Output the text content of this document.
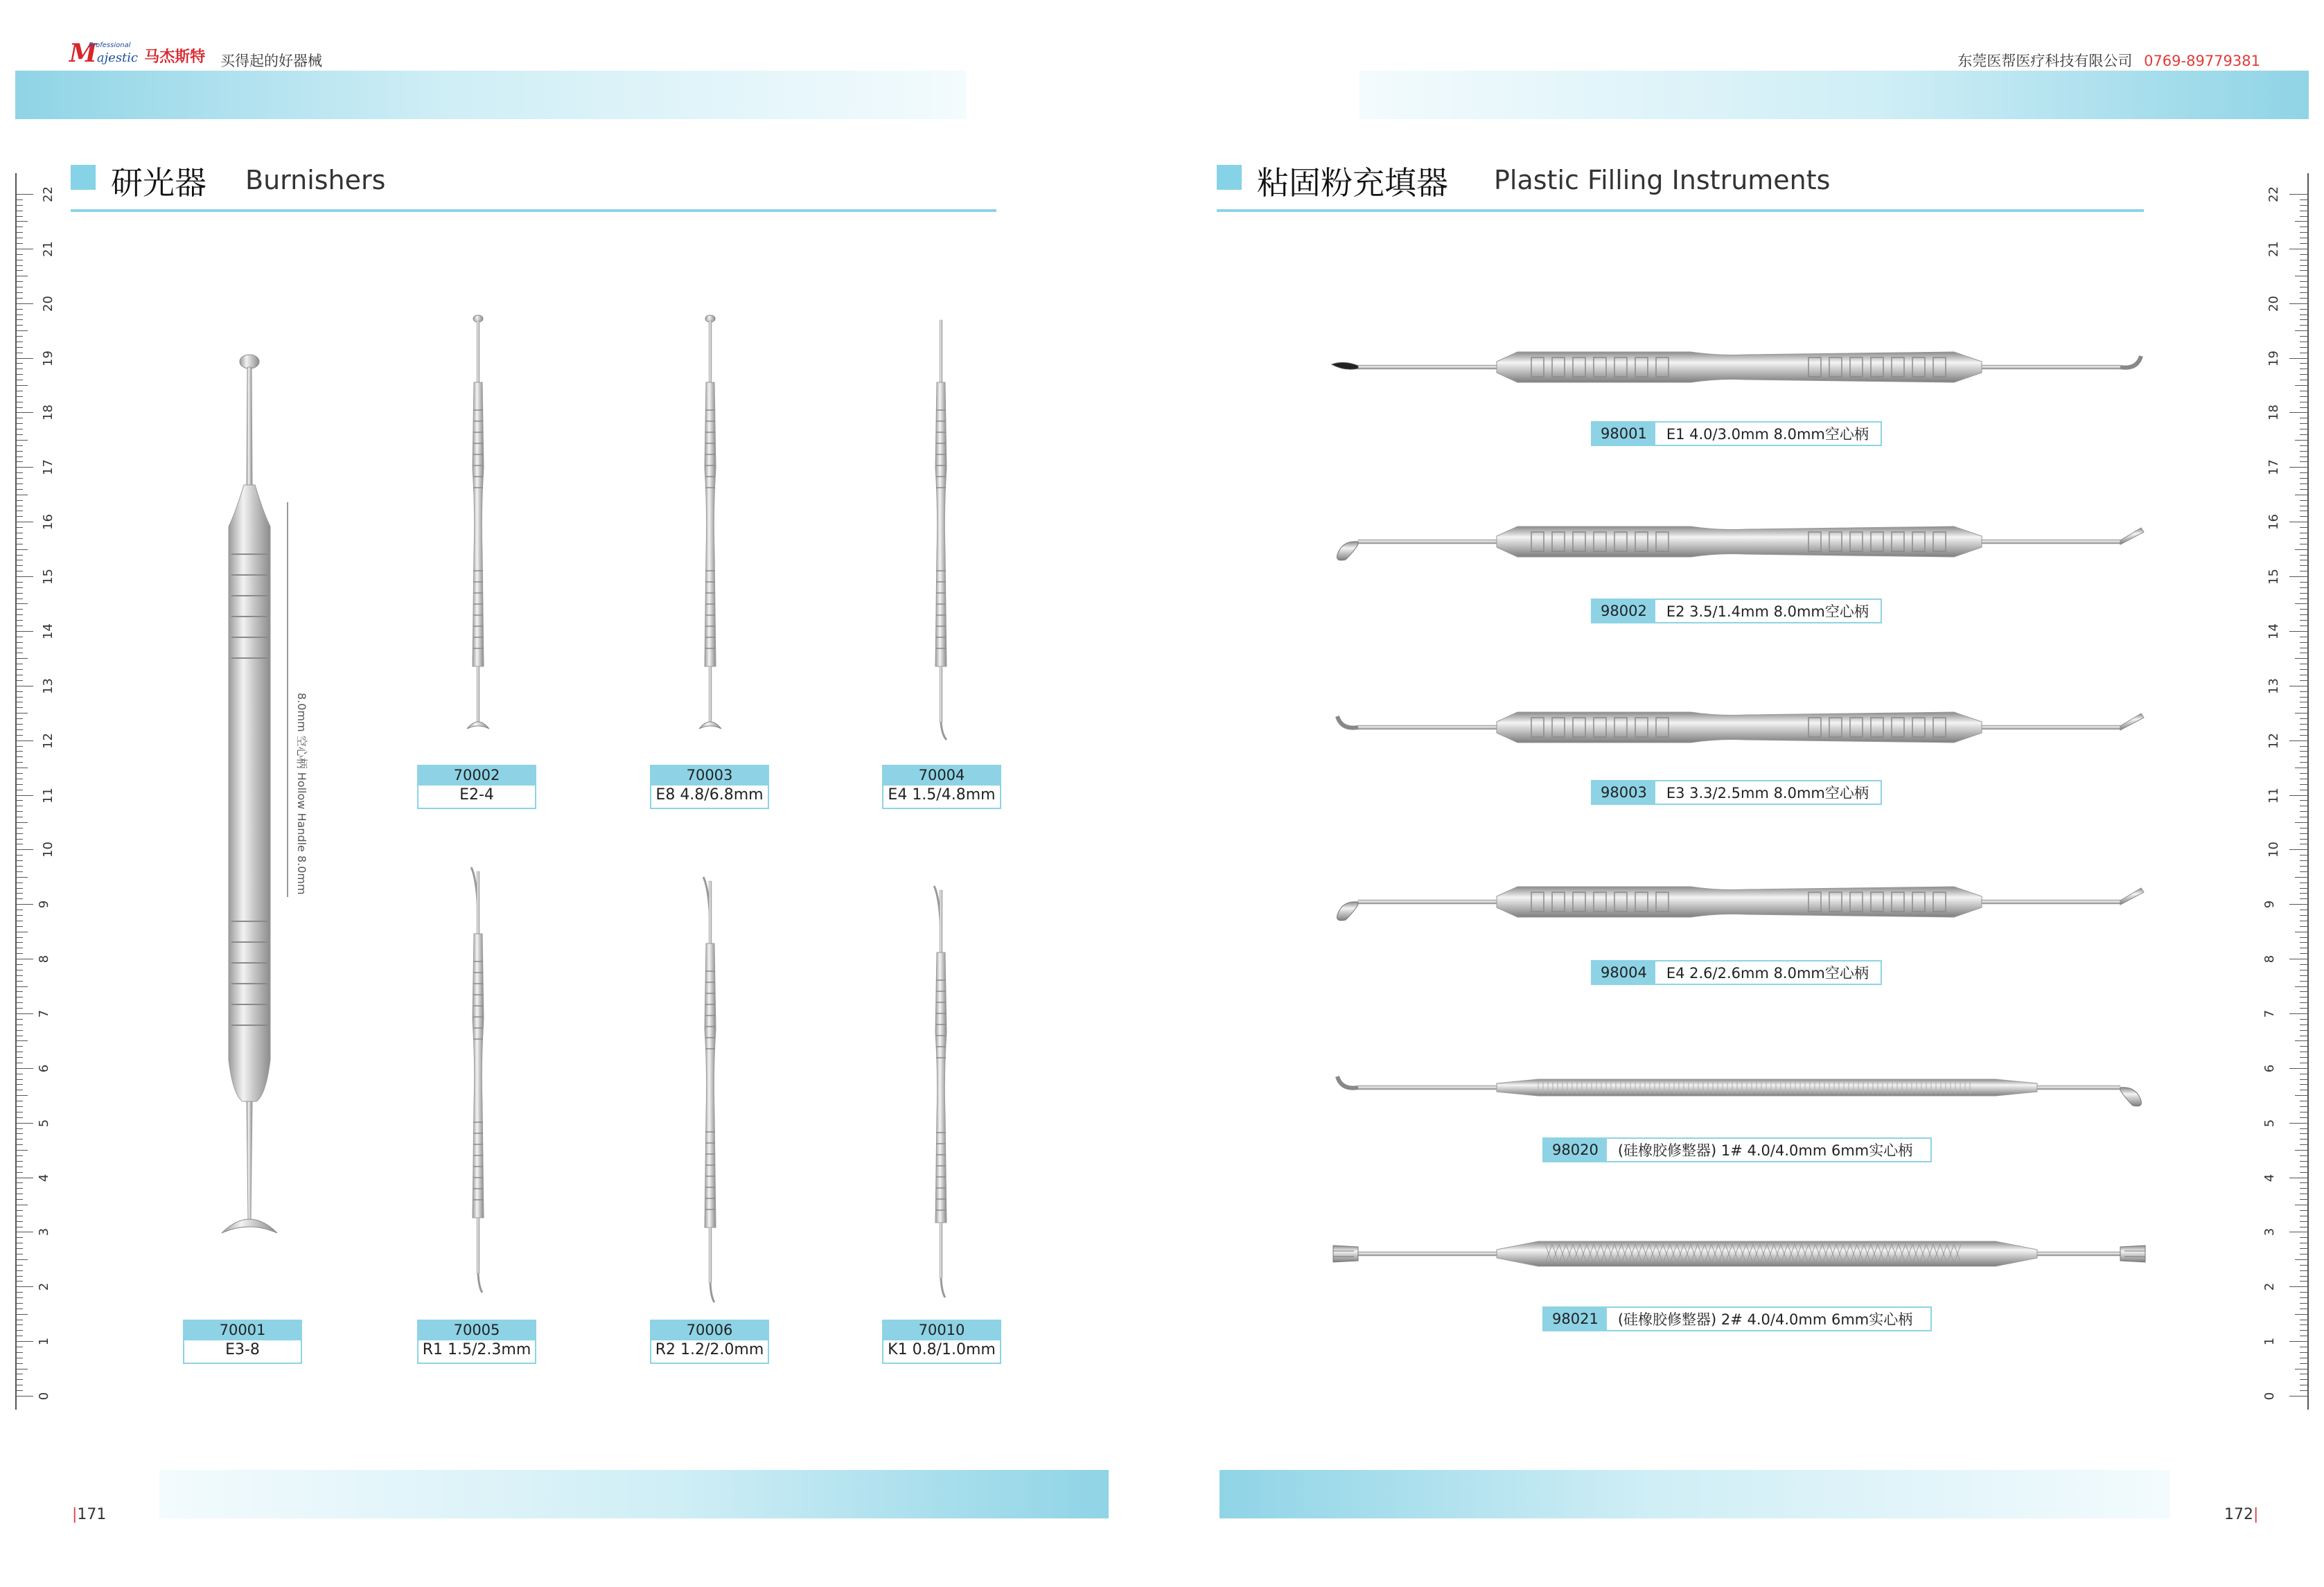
Majestic 马杰斯特
Professional
买得起的好器械	东莞医帮医疗科技有限公司 0769-89779381
研光器 Burnishers	粘固粉充填器 Plastic Filling Instruments
0
1
2
3
4
5
6
7
8
9
10
11
12
13
14
15
16
17
18
19
20
21
22
0
1
2
3
4
5
6
7
8
9
10
11
12
13
14
15
16
17
18
19
20
21
22
8.0mm 空心柄 Hollow Handle 8.0mm
70001
E3-8
70002
E2-4
70003
E8 4.8/6.8mm
70004
E4 1.5/4.8mm
70005
R1 1.5/2.3mm
70006
R2 1.2/2.0mm
70010
K1 0.8/1.0mm
98001	E1 4.0/3.0mm 8.0mm空心柄
98002	E2 3.5/1.4mm 8.0mm空心柄
98003	E3 3.3/2.5mm 8.0mm空心柄
98004	E4 2.6/2.6mm 8.0mm空心柄
98020	(硅橡胶修整器) 1# 4.0/4.0mm 6mm实心柄
98021	(硅橡胶修整器) 2# 4.0/4.0mm 6mm实心柄
|171	172|
